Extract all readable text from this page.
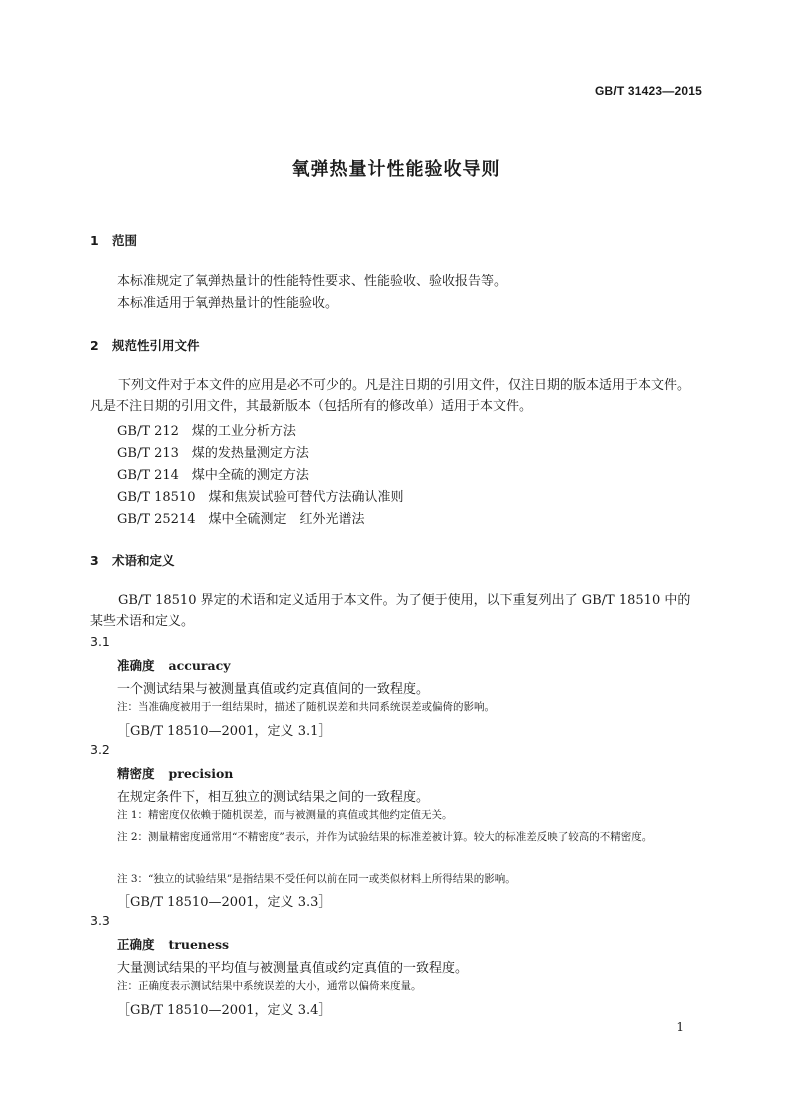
GB/T 31423—2015
氧弹热量计性能验收导则
1 范围
本标准规定了氧弹热量计的性能特性要求、性能验收、验收报告等。
本标准适用于氧弹热量计的性能验收。
2 规范性引用文件
下列文件对于本文件的应用是必不可少的。凡是注日期的引用文件，仅注日期的版本适用于本文件。凡是不注日期的引用文件，其最新版本（包括所有的修改单）适用于本文件。
GB/T 212　煤的工业分析方法
GB/T 213　煤的发热量测定方法
GB/T 214　煤中全硫的测定方法
GB/T 18510　煤和焦炭试验可替代方法确认准则
GB/T 25214　煤中全硫测定　红外光谱法
3 术语和定义
GB/T 18510 界定的术语和定义适用于本文件。为了便于使用，以下重复列出了 GB/T 18510 中的某些术语和定义。
3.1
准确度 accuracy
一个测试结果与被测量真值或约定真值间的一致程度。
注：当准确度被用于一组结果时，描述了随机误差和共同系统误差或偏倚的影响。
［GB/T 18510—2001，定义 3.1］
3.2
精密度 precision
在规定条件下，相互独立的测试结果之间的一致程度。
注 1：精密度仅依赖于随机误差，而与被测量的真值或其他约定值无关。
注 2：测量精密度通常用“不精密度”表示，并作为试验结果的标准差被计算。较大的标准差反映了较高的不精密度。
注 3：“独立的试验结果”是指结果不受任何以前在同一或类似材料上所得结果的影响。
［GB/T 18510—2001，定义 3.3］
3.3
正确度 trueness
大量测试结果的平均值与被测量真值或约定真值的一致程度。
注：正确度表示测试结果中系统误差的大小，通常以偏倚来度量。
［GB/T 18510—2001，定义 3.4］
1
